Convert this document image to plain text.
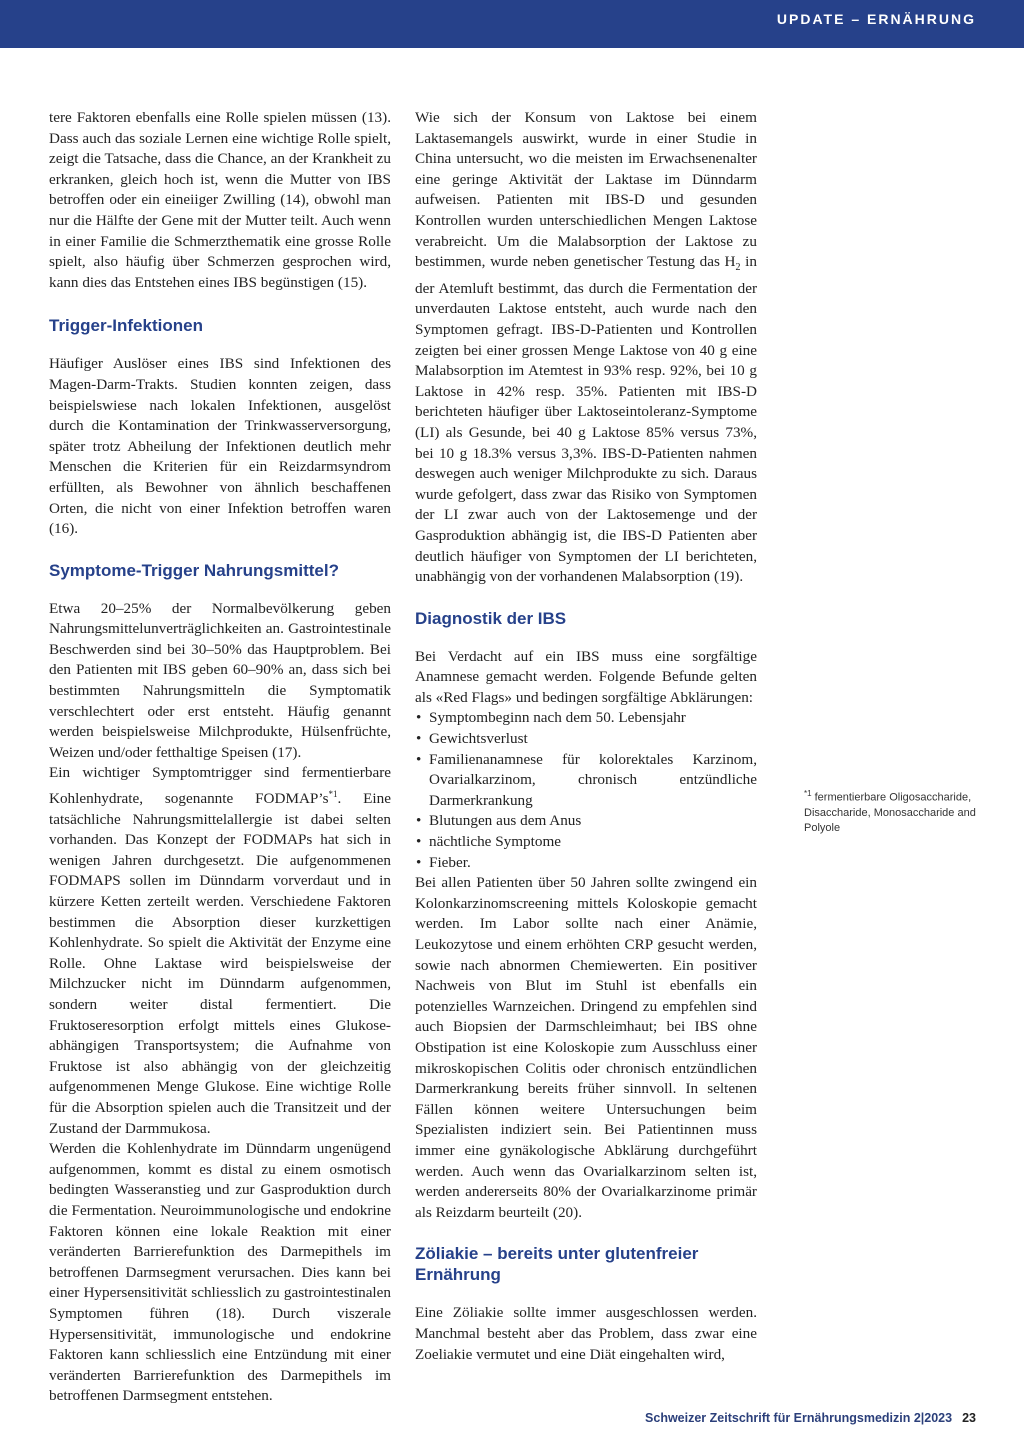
UPDATE – ERNÄHRUNG

tere Faktoren ebenfalls eine Rolle spielen müssen (13). Dass auch das soziale Lernen eine wichtige Rolle spielt, zeigt die Tatsache, dass die Chance, an der Krankheit zu erkranken, gleich hoch ist, wenn die Mutter von IBS betroffen oder ein eineiiger Zwilling (14), obwohl man nur die Hälfte der Gene mit der Mutter teilt. Auch wenn in einer Familie die Schmerzthematik eine grosse Rolle spielt, also häufig über Schmerzen gesprochen wird, kann dies das Entstehen eines IBS begünstigen (15).

Trigger-Infektionen

Häufiger Auslöser eines IBS sind Infektionen des Magen-Darm-Trakts. Studien konnten zeigen, dass beispielswiese nach lokalen Infektionen, ausgelöst durch die Kontamination der Trinkwasserversorgung, später trotz Abheilung der Infektionen deutlich mehr Menschen die Kriterien für ein Reizdarmsyndrom erfüllten, als Bewohner von ähnlich beschaffenen Orten, die nicht von einer Infektion betroffen waren (16).

Symptome-Trigger Nahrungsmittel?

Etwa 20–25% der Normalbevölkerung geben Nahrungsmittelunverträglichkeiten an. Gastrointestinale Beschwerden sind bei 30–50% das Hauptproblem. Bei den Patienten mit IBS geben 60–90% an, dass sich bei bestimmten Nahrungsmitteln die Symptomatik verschlechtert oder erst entsteht. Häufig genannt werden beispielsweise Milchprodukte, Hülsenfrüchte, Weizen und/oder fetthaltige Speisen (17).

Ein wichtiger Symptomtrigger sind fermentierbare Kohlenhydrate, sogenannte $FODMAP’s^{*1}$. Eine tatsächliche Nahrungsmittelallergie ist dabei selten vorhanden. Das Konzept der FODMAPs hat sich in wenigen Jahren durchgesetzt. Die aufgenommenen FODMAPS sollen im Dünndarm vorverdaut und in kürzere Ketten zerteilt werden. Verschiedene Faktoren bestimmen die Absorption dieser kurzkettigen Kohlenhydrate. So spielt die Aktivität der Enzyme eine Rolle. Ohne Laktase wird beispielsweise der Milchzucker nicht im Dünndarm aufgenommen, sondern weiter distal fermentiert. Die Fruktoseresorption erfolgt mittels eines Glukose-abhängigen Transportsystem; die Aufnahme von Fruktose ist also abhängig von der gleichzeitig aufgenommenen Menge Glukose. Eine wichtige Rolle für die Absorption spielen auch die Transitzeit und der Zustand der Darmmukosa.

Werden die Kohlenhydrate im Dünndarm ungenügend aufgenommen, kommt es distal zu einem osmotisch bedingten Wasseranstieg und zur Gasproduktion durch die Fermentation. Neuroimmunologische und endokrine Faktoren können eine lokale Reaktion mit einer veränderten Barrierefunktion des Darmepithels im betroffenen Darmsegment verursachen. Dies kann bei einer Hypersensitivität schliesslich zu gastrointestinalen Symptomen führen (18). Durch viszerale Hypersensitivität, immunologische und endokrine Faktoren kann schliesslich eine Entzündung mit einer veränderten Barrierefunktion des Darmepithels im betroffenen Darmsegment entstehen.

Wie sich der Konsum von Laktose bei einem Laktasemangels auswirkt, wurde in einer Studie in China untersucht, wo die meisten im Erwachsenenalter eine geringe Aktivität der Laktase im Dünndarm aufweisen. Patienten mit IBS-D und gesunden Kontrollen wurden unterschiedlichen Mengen Laktose verabreicht. Um die Malabsorption der Laktose zu bestimmen, wurde neben genetischer Testung das $H_2$ in der Atemluft bestimmt, das durch die Fermentation der unverdauten Laktose entsteht, auch wurde nach den Symptomen gefragt. IBS-D-Patienten und Kontrollen zeigten bei einer grossen Menge Laktose von 40 g eine Malabsorption im Atemtest in 93% resp. 92%, bei 10 g Laktose in 42% resp. 35%. Patienten mit IBS-D berichteten häufiger über Laktoseintoleranz-Symptome (LI) als Gesunde, bei 40 g Laktose 85% versus 73%, bei 10 g 18.3% versus 3,3%. IBS-D-Patienten nahmen deswegen auch weniger Milchprodukte zu sich. Daraus wurde gefolgert, dass zwar das Risiko von Symptomen der LI zwar auch von der Laktosemenge und der Gasproduktion abhängig ist, die IBS-D Patienten aber deutlich häufiger von Symptomen der LI berichteten, unabhängig von der vorhandenen Malabsorption (19).

Diagnostik der IBS

Bei Verdacht auf ein IBS muss eine sorgfältige Anamnese gemacht werden. Folgende Befunde gelten als «Red Flags» und bedingen sorgfältige Abklärungen:

• Symptombeginn nach dem 50. Lebensjahr
• Gewichtsverlust
• Familienanamnese für kolorektales Karzinom, Ovarialkarzinom, chronisch entzündliche Darmerkrankung
• Blutungen aus dem Anus
• nächtliche Symptome
• Fieber.

Bei allen Patienten über 50 Jahren sollte zwingend ein Kolonkarzinomscreening mittels Koloskopie gemacht werden. Im Labor sollte nach einer Anämie, Leukozytose und einem erhöhten CRP gesucht werden, sowie nach abnormen Chemiewerten. Ein positiver Nachweis von Blut im Stuhl ist ebenfalls ein potenzielles Warnzeichen. Dringend zu empfehlen sind auch Biopsien der Darmschleimhaut; bei IBS ohne Obstipation ist eine Koloskopie zum Ausschluss einer mikroskopischen Colitis oder chronisch entzündlichen Darmerkrankung bereits früher sinnvoll. In seltenen Fällen können weitere Untersuchungen beim Spezialisten indiziert sein. Bei Patientinnen muss immer eine gynäkologische Abklärung durchgeführt werden. Auch wenn das Ovarialkarzinom selten ist, werden andererseits 80% der Ovarialkarzinome primär als Reizdarm beurteilt (20).

Zöliakie – bereits unter glutenfreier Ernährung

Eine Zöliakie sollte immer ausgeschlossen werden. Manchmal besteht aber das Problem, dass zwar eine Zoeliakie vermutet und eine Diät eingehalten wird,

$^{*1}$ fermentierbare Oligosaccharide, Disaccharide, Monosaccharide and Polyole
Schweizer Zeitschrift für Ernährungsmedizin 2|2023 23
